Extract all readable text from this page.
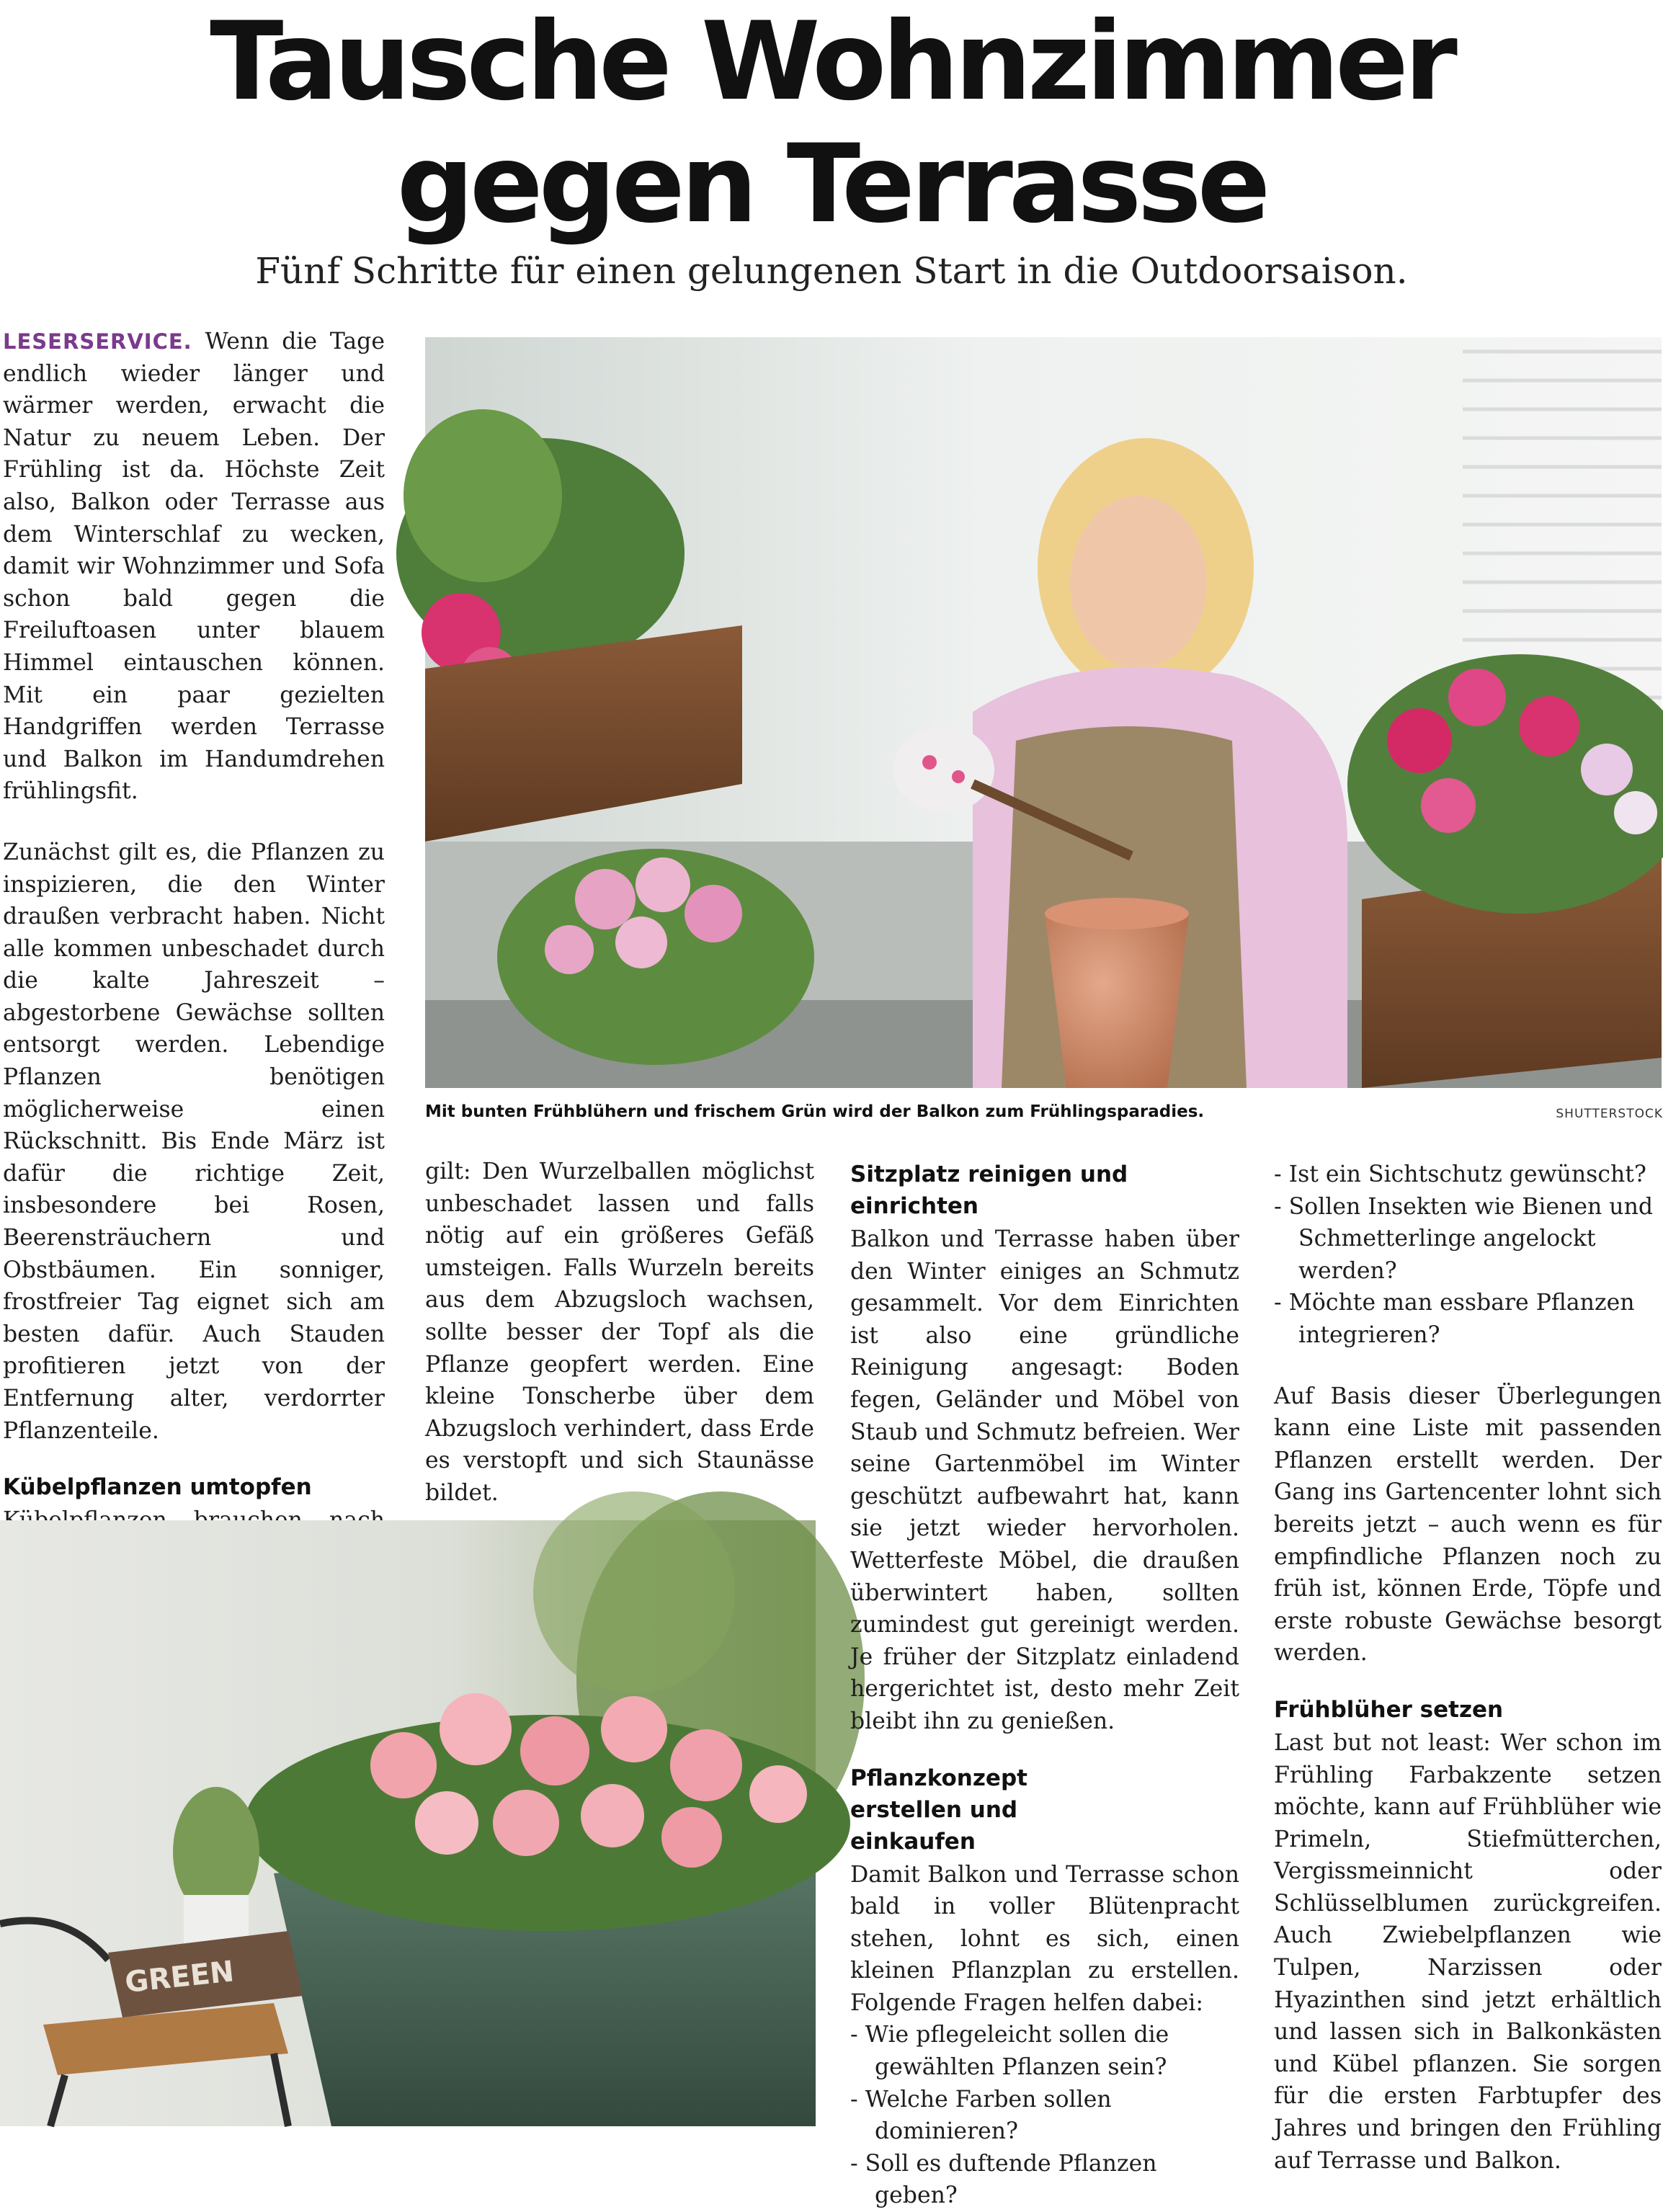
Tausche Wohnzimmer
gegen Terrasse
Fünf Schritte für einen gelungenen Start in die Outdoorsaison.

LESERSERVICE. Wenn die Tage endlich wieder länger und wärmer werden, erwacht die Natur zu neuem Leben. Der Frühling ist da. Höchste Zeit also, Balkon oder Terrasse aus dem Winterschlaf zu wecken, damit wir Wohnzimmer und Sofa schon bald gegen die Freiluftoasen unter blauem Himmel eintauschen können. Mit ein paar gezielten Handgriffen werden Terrasse und Balkon im Handumdrehen frühlingsfit.

Zunächst gilt es, die Pflanzen zu inspizieren, die den Winter draußen verbracht haben. Nicht alle kommen unbeschadet durch die kalte Jahreszeit – abgestorbene Gewächse sollten entsorgt werden. Lebendige Pflanzen benötigen möglicherweise einen Rückschnitt. Bis Ende März ist dafür die richtige Zeit, insbesondere bei Rosen, Beerensträuchern und Obstbäumen. Ein sonniger, frostfreier Tag eignet sich am besten dafür. Auch Stauden profitieren jetzt von der Entfernung alter, verdorrter Pflanzenteile.

Kübelpflanzen umtopfen

Mit bunten Frühblühern und frischem Grün wird der Balkon zum Frühlingsparadies.	SHUTTERSTOCK

gilt: Den Wurzelballen möglichst unbeschadet lassen und falls nötig auf ein größeres Gefäß umsteigen. Falls Wurzeln bereits aus dem Abzugsloch wachsen, sollte besser der Topf als die Pflanze geopfert werden. Eine kleine Tonscherbe über dem Abzugsloch verhindert, dass Erde es verstopft und sich Staunässe bildet.

GREEN
Sitzplatz reinigen und einrichten

Balkon und Terrasse haben über den Winter einiges an Schmutz gesammelt. Vor dem Einrichten ist also eine gründliche Reinigung angesagt: Boden fegen, Geländer und Möbel von Staub und Schmutz befreien. Wer seine Gartenmöbel im Winter geschützt aufbewahrt hat, kann sie jetzt wieder hervorholen. Wetterfeste Möbel, die draußen überwintert haben, sollten zumindest gut gereinigt werden. Je früher der Sitzplatz einladend hergerichtet ist, desto mehr Zeit bleibt ihn zu genießen.

Pflanzkonzept erstellen und einkaufen

Damit Balkon und Terrasse schon bald in voller Blütenpracht stehen, lohnt es sich, einen kleinen Pflanzplan zu erstellen. Folgende Fragen helfen dabei:

- Wie pflegeleicht sollen die gewählten Pflanzen sein?
- Welche Farben sollen dominieren?
- Soll es duftende Pflanzen geben?
- Ist ein Sichtschutz gewünscht?
- Sollen Insekten wie Bienen und Schmetterlinge angelockt werden?
- Möchte man essbare Pflanzen integrieren?

Auf Basis dieser Überlegungen kann eine Liste mit passenden Pflanzen erstellt werden. Der Gang ins Gartencenter lohnt sich bereits jetzt – auch wenn es für empfindliche Pflanzen noch zu früh ist, können Erde, Töpfe und erste robuste Gewächse besorgt werden.

Frühblüher setzen

Last but not least: Wer schon im Frühling Farbakzente setzen möchte, kann auf Frühblüher wie Primeln, Stiefmütterchen, Vergissmeinnicht oder Schlüsselblumen zurückgreifen. Auch Zwiebelpflanzen wie Tulpen, Narzissen oder Hyazinthen sind jetzt erhältlich und lassen sich in Balkonkästen und Kübel pflanzen. Sie sorgen für die ersten Farbtupfer des Jahres und bringen den Frühling auf Terrasse und Balkon.
